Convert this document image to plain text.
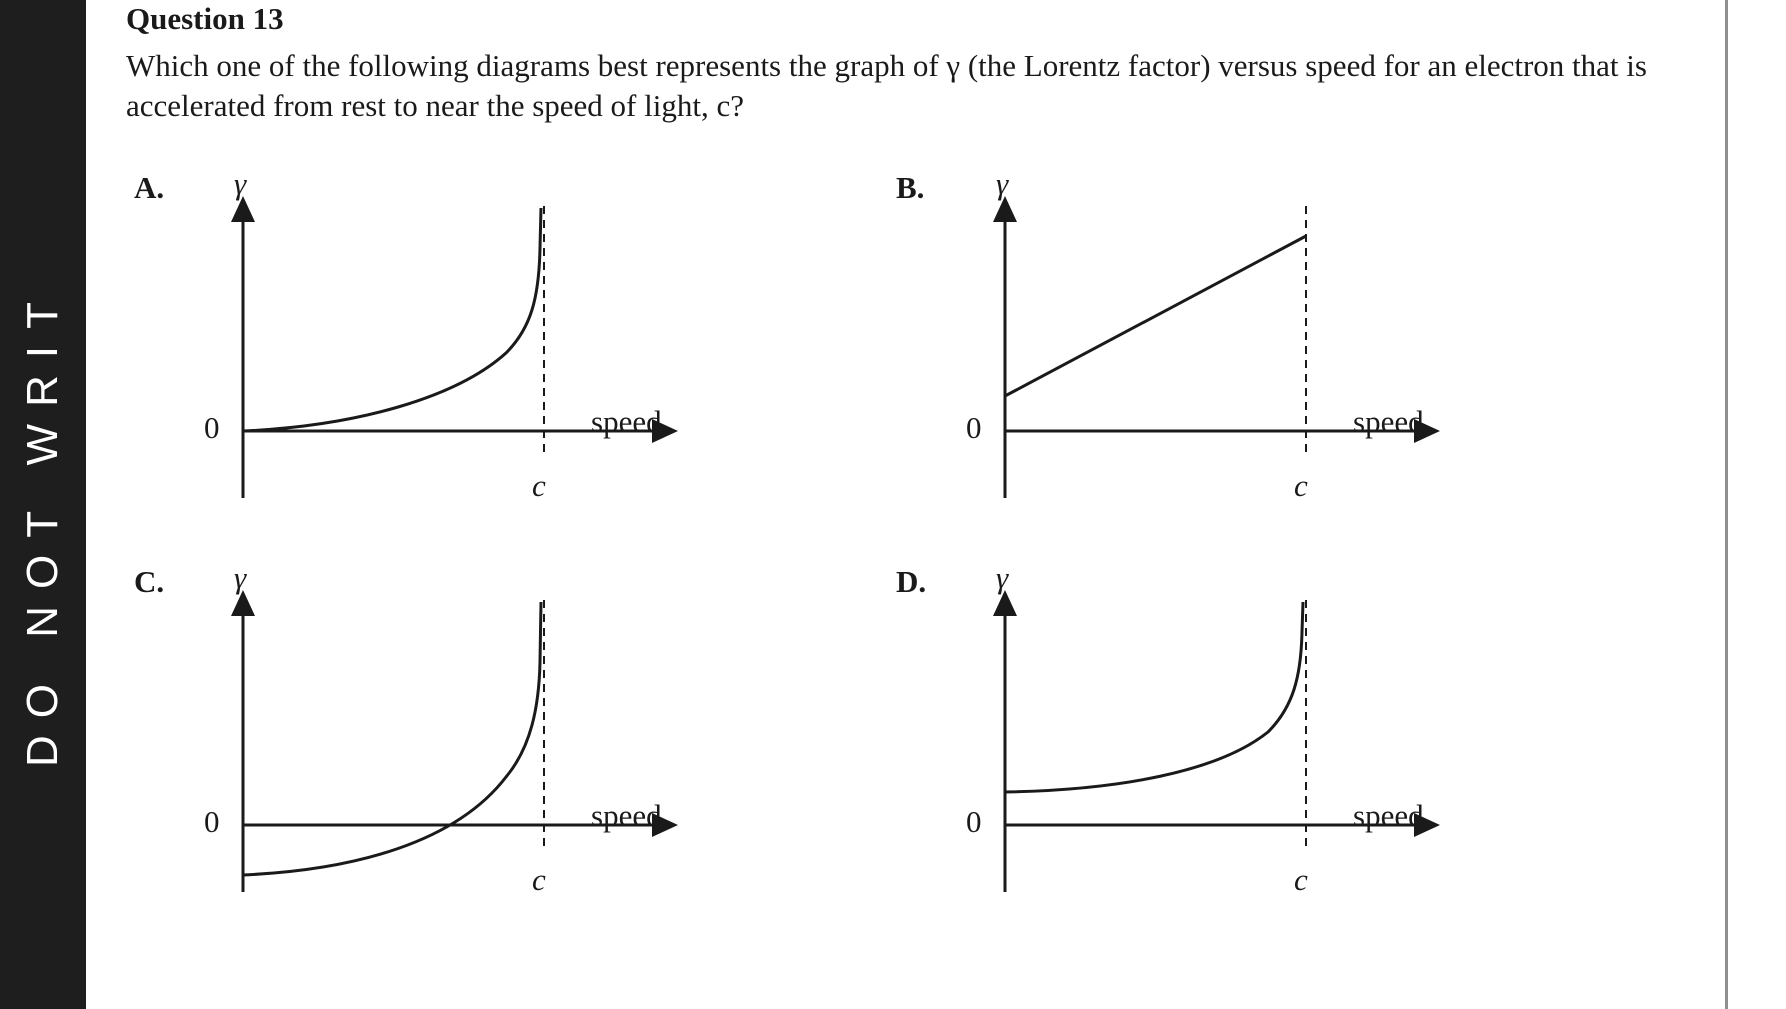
DO NOT WRIT
Question 13
Which one of the following diagrams best represents the graph of γ (the Lorentz factor) versus speed for an electron that is accelerated from rest to near the speed of light, c?
A. γ
0	speed
c
B. γ
0	speed
c
C. γ
0	speed
c
D. γ
0	speed
c
